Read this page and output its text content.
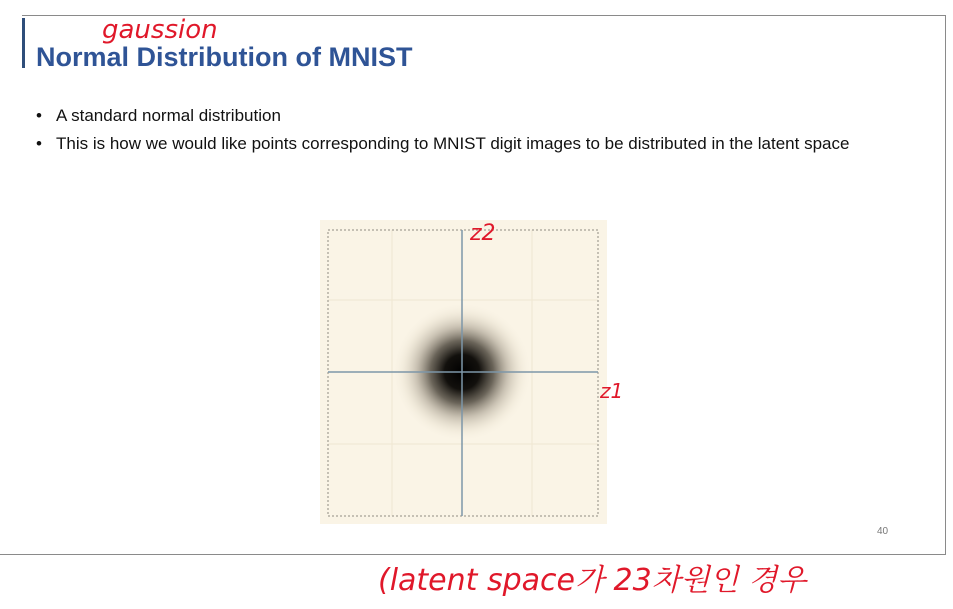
Normal Distribution of MNIST
• A standard normal distribution
• This is how we would like points corresponding to MNIST digit images to be distributed in the latent space
40
gaussion
z2
z1
(latent space가 23차원인 경우
